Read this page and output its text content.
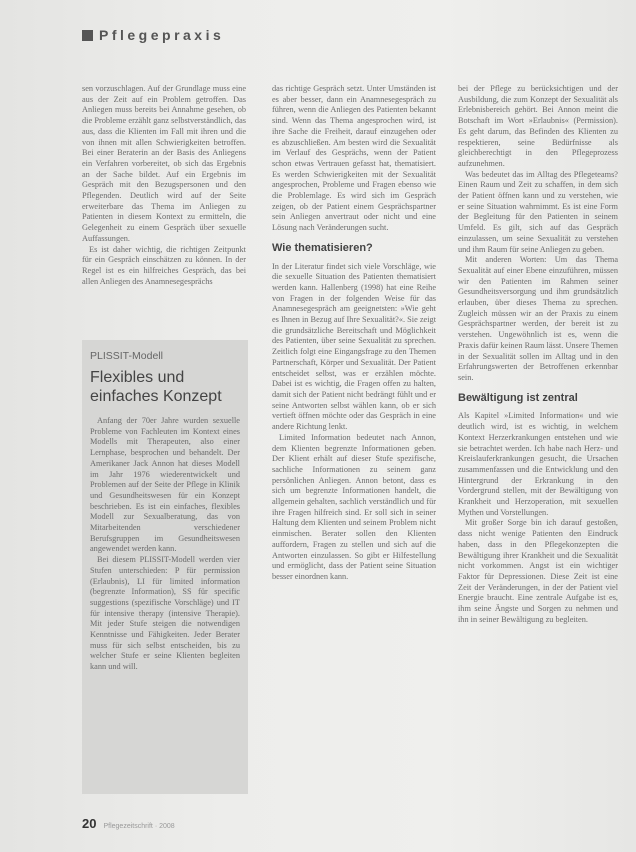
Pflegepraxis

sen vorzuschlagen. Auf der Grundlage muss eine aus der Zeit auf ein Problem getroffen. Das Anliegen muss bereits bei Annahme gesehen, ob die Probleme erzählt ganz selbstverständlich, das aus, dass die Klienten im Fall mit ihren und die von ihnen mit allen Schwierigkeiten betroffen. Bei einer Beraterin an der Basis des Anliegens ein Verfahren vorbereitet, ob sich das Ergebnis an der Sache bildet. Auf ein Ergebnis im Gespräch mit den Bezugspersonen und den Pflegenden. Deutlich wird auf der Seite erweiterbare das Thema im Anliegen zu Patienten in diesem Kontext zu ermitteln, die Gelegenheit zu einem Gespräch über sexuelle Auffassungen.

Es ist daher wichtig, die richtigen Zeitpunkt für ein Gespräch einschätzen zu können. In der Regel ist es ein hilfreiches Gespräch, das bei allen Anliegen des Anamnesegesprächs

PLISSIT-Modell
Flexibles und einfaches Konzept

Anfang der 70er Jahre wurden sexuelle Probleme von Fachleuten im Kontext eines Modells mit Therapeuten, also einer Lernphase, besprochen und behandelt. Der Amerikaner Jack Annon hat dieses Modell im Jahr 1976 wiederentwickelt und Problemen auf der Seite der Pflege in Klinik und Gesundheitswesen für ein Konzept beschrieben. Es ist ein einfaches, flexibles Modell zur Sexualberatung, das von Mitarbeitenden verschiedener Berufsgruppen im Gesundheitswesen angewendet werden kann.

Bei diesem PLISSIT-Modell werden vier Stufen unterschieden: P für permission (Erlaubnis), LI für limited information (begrenzte Information), SS für specific suggestions (spezifische Vorschläge) und IT für intensive therapy (intensive Therapie). Mit jeder Stufe steigen die notwendigen Kenntnisse und Fähigkeiten. Jeder Berater muss für sich selbst entscheiden, bis zu welcher Stufe er seine Klienten begleiten kann und will.

das richtige Gespräch setzt. Unter Umständen ist es aber besser, dann ein Anamnesegespräch zu führen, wenn die Anliegen des Patienten bekannt sind. Wenn das Thema angesprochen wird, ist ihre Sache die Freiheit, darauf einzugehen oder es abzuschließen. Am besten wird die Sexualität im Verlauf des Gesprächs, wenn der Patient schon etwas Vertrauen gefasst hat, thematisiert. Es werden Schwierigkeiten mit der Sexualität angesprochen, Probleme und Fragen ebenso wie die Problemlage. Es wird sich im Gespräch zeigen, ob der Patient einem Gesprächspartner sein Anliegen anvertraut oder nicht und eine Lösung nach Veränderungen sucht.

Wie thematisieren?

In der Literatur findet sich viele Vorschläge, wie die sexuelle Situation des Patienten thematisiert werden kann. Hallenberg (1998) hat eine Reihe von Fragen in der folgenden Weise für das Anamnesegespräch am geeignetsten: »Wie geht es Ihnen in Bezug auf Ihre Sexualität?«. Sie zeigt die grundsätzliche Bereitschaft und Möglichkeit des Patienten, über seine Sexualität zu sprechen. Zeitlich folgt eine Eingangsfrage zu den Themen Partnerschaft, Körper und Sexualität. Der Patient entscheidet selbst, was er erzählen möchte. Dabei ist es wichtig, die Fragen offen zu halten, damit sich der Patient nicht bedrängt fühlt und er seine Antworten selbst wählen kann, ob er sich vertieft öffnen möchte oder das Gespräch in eine andere Richtung lenkt.

Limited Information bedeutet nach Annon, dem Klienten begrenzte Informationen geben. Der Klient erhält auf dieser Stufe spezifische, sachliche Informationen zu seinem ganz persönlichen Anliegen. Annon betont, dass es sich um begrenzte Informationen handelt, die allgemein gehalten, sachlich verständlich und für ihre Fragen hilfreich sind. Er soll sich in seiner Haltung dem Klienten und seinem Problem nicht einmischen. Berater sollen den Klienten auffordern, Fragen zu stellen und sich auf die Antworten einzulassen. So gibt er Hilfestellung und ermöglicht, dass der Patient seine Situation besser einordnen kann.

bei der Pflege zu berücksichtigen und der Ausbildung, die zum Konzept der Sexualität als Erlebnisbereich gehört. Bei Annon meint die Botschaft im Wort »Erlaubnis« (Permission). Es geht darum, das Befinden des Klienten zu respektieren, seine Bedürfnisse als gleichberechtigt in den Pflegeprozess aufzunehmen.

Was bedeutet das im Alltag des Pflegeteams? Einen Raum und Zeit zu schaffen, in dem sich der Patient öffnen kann und zu verstehen, wie er seine Situation wahrnimmt. Es ist eine Form der Begleitung für den Patienten in seinem Umfeld. Es gilt, sich auf das Gespräch einzulassen, um seine Sexualität zu verstehen und ihm Raum für seine Anliegen zu geben.

Mit anderen Worten: Um das Thema Sexualität auf einer Ebene einzuführen, müssen wir den Patienten im Rahmen seiner Gesundheitsversorgung und ihm grundsätzlich erlauben, über dieses Thema zu sprechen. Zugleich müssen wir an der Praxis zu einem Gesprächspartner werden, der bereit ist zu verstehen. Ungewöhnlich ist es, wenn die Praxis dafür keinen Raum lässt. Unsere Themen in der Sexualität sollen im Alltag und in den Erfahrungswerten der Betroffenen erkennbar sein.

Bewältigung ist zentral

Als Kapitel »Limited Information« und wie deutlich wird, ist es wichtig, in welchem Kontext Herzerkrankungen entstehen und wie sie betrachtet werden. Ich habe nach Herz- und Kreislauferkrankungen gesucht, die Ursachen zusammenfassen und die Entwicklung und den Hintergrund der Erkrankung in den Vordergrund stellen, mit der Bewältigung von Krankheit und Herzoperation, mit sexuellen Mythen und Vorstellungen.

Mit großer Sorge bin ich darauf gestoßen, dass nicht wenige Patienten den Eindruck haben, dass in den Pflegekonzepten die Bewältigung ihrer Krankheit und die Sexualität nicht vorkommen. Angst ist ein wichtiger Faktor für Depressionen. Diese Zeit ist eine Zeit der Veränderungen, in der der Patient viel Energie braucht. Eine zentrale Aufgabe ist es, ihm seine Ängste und Sorgen zu nehmen und ihn in seiner Bewältigung zu begleiten.

20 Pflegezeitschrift · 2008
